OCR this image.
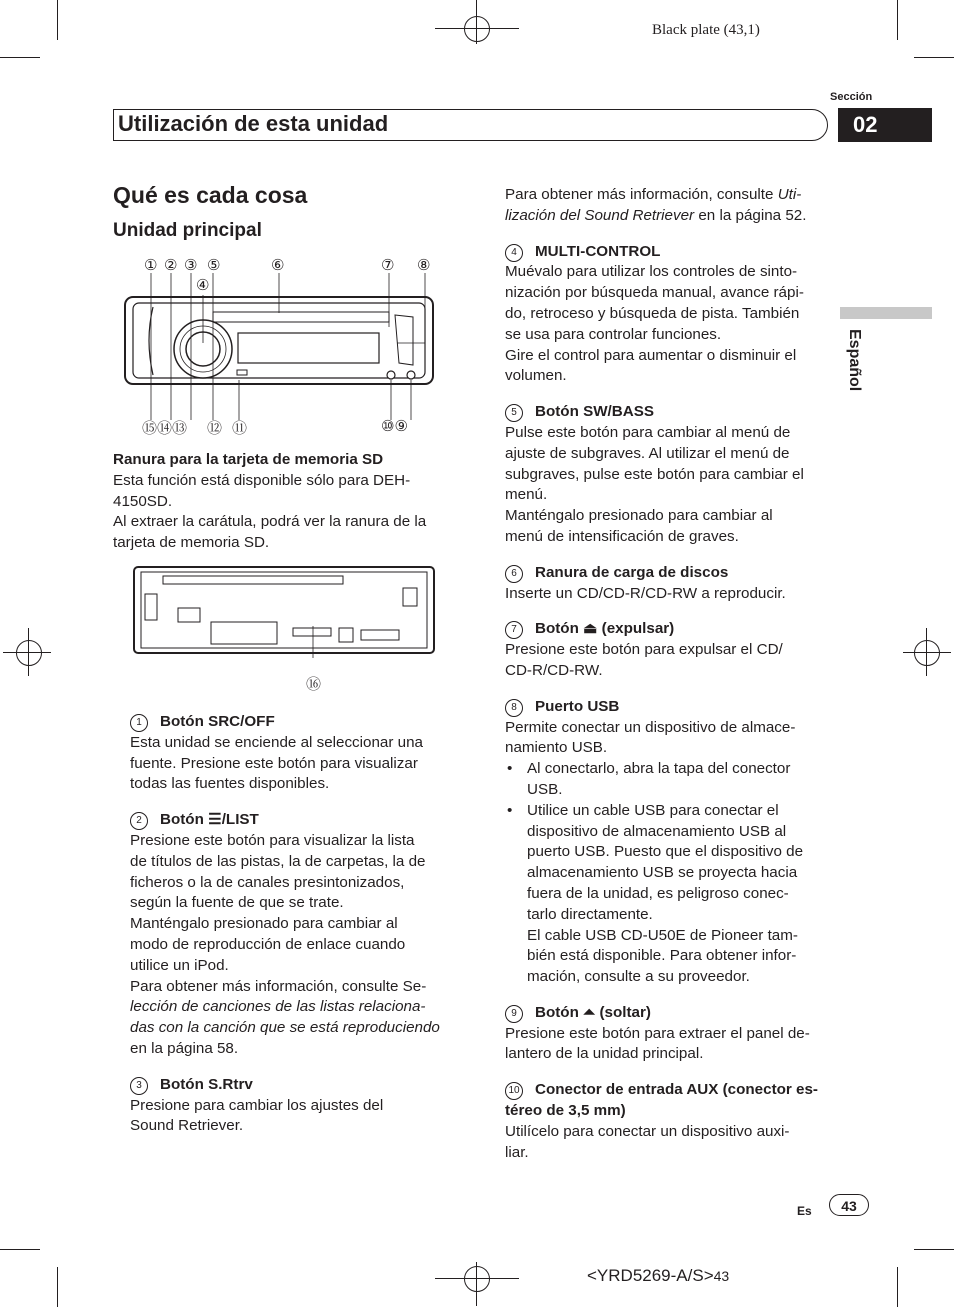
Black plate (43,1)
Sección
Utilización de esta unidad	02
Español
Qué es cada cosa
Unidad principal
① ② ③ ⑤	⑥	⑦ ⑧
④
⑮⑭⑬ ⑫ ⑪	⑩⑨

Ranura para la tarjeta de memoria SD

Esta función está disponible sólo para DEH-

4150SD.

Al extraer la carátula, podrá ver la ranura de la

tarjeta de memoria SD.

⑯

1 Botón SRC/OFF

Esta unidad se enciende al seleccionar una

fuente. Presione este botón para visualizar

todas las fuentes disponibles.

2 Botón ☰/LIST

Presione este botón para visualizar la lista

de títulos de las pistas, la de carpetas, la de

ficheros o la de canales presintonizados,

según la fuente de que se trate.

Manténgalo presionado para cambiar al

modo de reproducción de enlace cuando

utilice un iPod.

Para obtener más información, consulte Se-

lección de canciones de las listas relaciona-

das con la canción que se está reproduciendo

en la página 58.

3 Botón S.Rtrv

Presione para cambiar los ajustes del

Sound Retriever.

Para obtener más información, consulte Uti-

lización del Sound Retriever en la página 52.

4 MULTI-CONTROL

Muévalo para utilizar los controles de sinto-

nización por búsqueda manual, avance rápi-

do, retroceso y búsqueda de pista. También

se usa para controlar funciones.

Gire el control para aumentar o disminuir el

volumen.

5 Botón SW/BASS

Pulse este botón para cambiar al menú de

ajuste de subgraves. Al utilizar el menú de

subgraves, pulse este botón para cambiar el

menú.

Manténgalo presionado para cambiar al

menú de intensificación de graves.

6 Ranura de carga de discos

Inserte un CD/CD-R/CD-RW a reproducir.

7 Botón ⏏ (expulsar)

Presione este botón para expulsar el CD/

CD-R/CD-RW.

8 Puerto USB

Permite conectar un dispositivo de almace-

namiento USB.

• Al conectarlo, abra la tapa del conector

USB.

• Utilice un cable USB para conectar el

dispositivo de almacenamiento USB al

puerto USB. Puesto que el dispositivo de

almacenamiento USB se proyecta hacia

fuera de la unidad, es peligroso conec-

tarlo directamente.

El cable USB CD-U50E de Pioneer tam-

bién está disponible. Para obtener infor-

mación, consulte a su proveedor.

9 Botón ⏶ (soltar)

Presione este botón para extraer el panel de-

lantero de la unidad principal.

10 Conector de entrada AUX (conector es-

téreo de 3,5 mm)

Utilícelo para conectar un dispositivo auxi-

liar.

Es	43
<YRD5269-A/S>43
